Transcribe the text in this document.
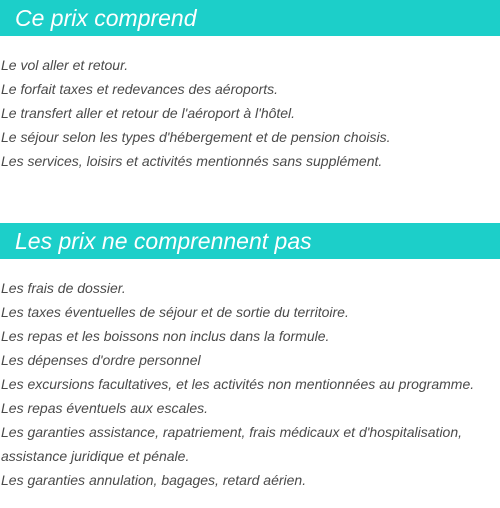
Ce prix comprend
Le vol aller et retour.
Le forfait taxes et redevances des aéroports.
Le transfert aller et retour de l'aéroport à l'hôtel.
Le séjour selon les types d'hébergement et de pension choisis.
Les services, loisirs et activités mentionnés sans supplément.
Les prix ne comprennent pas
Les frais de dossier.
Les taxes éventuelles de séjour et de sortie du territoire.
Les repas et les boissons non inclus dans la formule.
Les dépenses d'ordre personnel
Les excursions facultatives, et les activités non mentionnées au programme.
Les repas éventuels aux escales.
Les garanties assistance, rapatriement, frais médicaux et d'hospitalisation,
assistance juridique et pénale.
Les garanties annulation, bagages, retard aérien.
